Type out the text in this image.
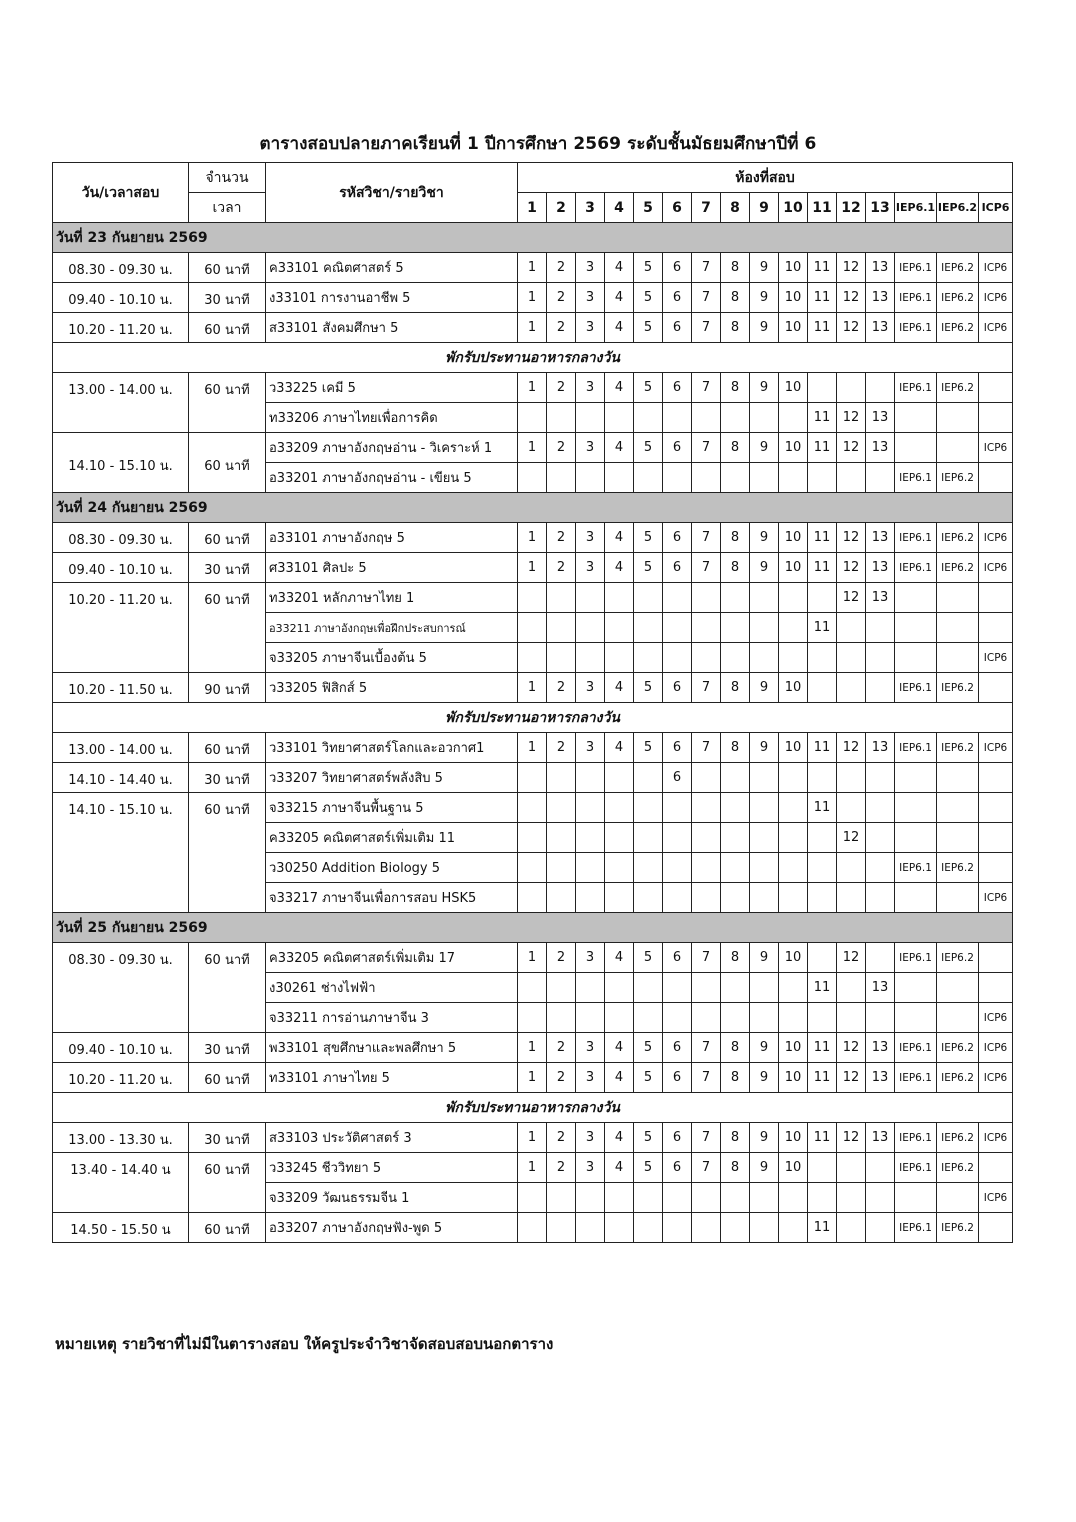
ตารางสอบปลายภาคเรียนที่ 1 ปีการศึกษา 2569 ระดับชั้นมัธยมศึกษาปีที่ 6
วัน/เวลาสอบ	จำนวน	รหัสวิชา/รายวิชา	ห้องที่สอบ															
	เวลา		1	2	3	4	5	6	7	8	9	10	11	12	13	IEP6.1	IEP6.2	ICP6
วันที่ 23 กันยายน 2569																		
08.30 - 09.30 น.	60 นาที	ค33101 คณิตศาสตร์ 5	1	2	3	4	5	6	7	8	9	10	11	12	13	IEP6.1	IEP6.2	ICP6
09.40 - 10.10 น.	30 นาที	ง33101 การงานอาชีพ 5	1	2	3	4	5	6	7	8	9	10	11	12	13	IEP6.1	IEP6.2	ICP6
10.20 - 11.20 น.	60 นาที	ส33101 สังคมศึกษา 5	1	2	3	4	5	6	7	8	9	10	11	12	13	IEP6.1	IEP6.2	ICP6
พักรับประทานอาหารกลางวัน																		
13.00 - 14.00 น.	60 นาที	ว33225 เคมี 5	1	2	3	4	5	6	7	8	9	10				IEP6.1	IEP6.2	
		ท33206 ภาษาไทยเพื่อการคิด											11	12	13			
14.10 - 15.10 น.	60 นาที	อ33209 ภาษาอังกฤษอ่าน - วิเคราะห์ 1	1	2	3	4	5	6	7	8	9	10	11	12	13			ICP6
		อ33201 ภาษาอังกฤษอ่าน - เขียน 5														IEP6.1	IEP6.2	
วันที่ 24 กันยายน 2569																		
08.30 - 09.30 น.	60 นาที	อ33101 ภาษาอังกฤษ 5	1	2	3	4	5	6	7	8	9	10	11	12	13	IEP6.1	IEP6.2	ICP6
09.40 - 10.10 น.	30 นาที	ศ33101 ศิลปะ 5	1	2	3	4	5	6	7	8	9	10	11	12	13	IEP6.1	IEP6.2	ICP6
10.20 - 11.20 น.	60 นาที	ท33201 หลักภาษาไทย 1												12	13			
		อ33211 ภาษาอังกฤษเพื่อฝึกประสบการณ์											11					
		จ33205 ภาษาจีนเบื้องต้น 5																ICP6
10.20 - 11.50 น.	90 นาที	ว33205 ฟิสิกส์ 5	1	2	3	4	5	6	7	8	9	10				IEP6.1	IEP6.2	
พักรับประทานอาหารกลางวัน																		
13.00 - 14.00 น.	60 นาที	ว33101 วิทยาศาสตร์โลกและอวกาศ1	1	2	3	4	5	6	7	8	9	10	11	12	13	IEP6.1	IEP6.2	ICP6
14.10 - 14.40 น.	30 นาที	ว33207 วิทยาศาสตร์พลังสิบ 5						6										
14.10 - 15.10 น.	60 นาที	จ33215 ภาษาจีนพื้นฐาน 5											11					
		ค33205 คณิตศาสตร์เพิ่มเติม 11												12				
		ว30250 Addition Biology 5														IEP6.1	IEP6.2	
		จ33217 ภาษาจีนเพื่อการสอบ HSK5																ICP6
วันที่ 25 กันยายน 2569																		
08.30 - 09.30 น.	60 นาที	ค33205 คณิตศาสตร์เพิ่มเติม 17	1	2	3	4	5	6	7	8	9	10		12		IEP6.1	IEP6.2	
		ง30261 ช่างไฟฟ้า											11		13			
		จ33211 การอ่านภาษาจีน 3																ICP6
09.40 - 10.10 น.	30 นาที	พ33101 สุขศึกษาและพลศึกษา 5	1	2	3	4	5	6	7	8	9	10	11	12	13	IEP6.1	IEP6.2	ICP6
10.20 - 11.20 น.	60 นาที	ท33101 ภาษาไทย 5	1	2	3	4	5	6	7	8	9	10	11	12	13	IEP6.1	IEP6.2	ICP6
พักรับประทานอาหารกลางวัน																		
13.00 - 13.30 น.	30 นาที	ส33103 ประวัติศาสตร์ 3	1	2	3	4	5	6	7	8	9	10	11	12	13	IEP6.1	IEP6.2	ICP6
13.40 - 14.40 น	60 นาที	ว33245 ชีววิทยา 5	1	2	3	4	5	6	7	8	9	10				IEP6.1	IEP6.2	
		จ33209 วัฒนธรรมจีน 1																ICP6
14.50 - 15.50 น	60 นาที	อ33207 ภาษาอังกฤษฟัง-พูด 5											11			IEP6.1	IEP6.2	
หมายเหตุ รายวิชาที่ไม่มีในตารางสอบ ให้ครูประจำวิชาจัดสอบสอบนอกตาราง
